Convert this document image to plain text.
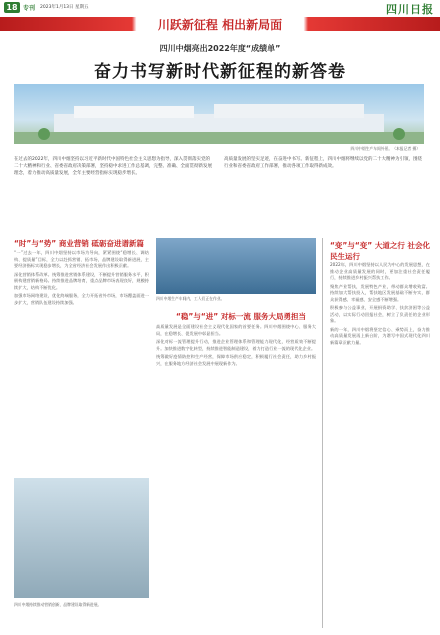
18 专刊 2023年1月13日 星期五	四川日报
川跃新征程 相出新局面
四川中烟亮出2022年度“成绩单”
奋力书写新时代新征程的新答卷
四川中烟生产车间外景。（本报记者 摄）
在过去的2022年，四川中烟坚持以习近平新时代中国特色社会主义思想为指导，深入贯彻落实党的二十大精神和行业、省委省政府决策部署，坚持稳中求进工作总基调，完整、准确、全面贯彻新发展理念，着力推动高质量发展，全年主要经营指标实现稳步增长。
高质量发展的坚实足迹，在奋进中书写。新征程上，四川中烟将继续以党的二十大精神为引领，围绕行业和省委省政府工作部署，推动各项工作取得新成效。
“时”与“势” 商业营销 砥砺奋进谱新篇

“一”过去一年，四川中烟坚持以市场为导向，紧紧围绕“稳增长、调结构、提质量”目标，全力以赴抓营销、拓市场，品牌建设取得新进展，主要经济指标实现稳步增长，为全省经济社会发展作出积极贡献。

深化营销体系改革。统筹推进营销体系建设，不断提升营销服务水平，积极构建营销新格局。持续推进品牌培育，重点品牌市场表现良好，规模持续扩大，结构不断优化。

加强市场网络建设，优化终端服务，全力开拓省外市场，市场覆盖面进一步扩大，营销队伍建设持续加强。

四川中烟持续推动营销创新，品牌建设取得新进展。
四川中烟生产车间内，工人们正在作业。
“稳”与“进” 对标一流 服务大局勇担当

高质量发展是全面建设社会主义现代化国家的首要任务。四川中烟围绕中心、服务大局，在稳增长、促发展中彰显担当。

深化对标一流管理提升行动，推进企业管理体系和管理能力现代化，经营质效不断提升。加快推进数字化转型，持续推进智能制造建设，着力打造行业一流的现代化企业。

统筹做好疫情防控和生产经营，保障市场供应稳定，积极履行社会责任，助力乡村振兴，在服务地方经济社会发展中展现新作为。

“变”与“变” 大道之行 社会化民生运行

2022年，四川中烟坚持以人民为中心的发展思想，在推动企业高质量发展的同时，更加注重社会责任履行，持续推进乡村振兴帮扶工作。

聚焦产业帮扶，发展特色产业，带动群众增收致富。持续加大帮扶投入，帮扶地区发展基础不断夯实，群众获得感、幸福感、安全感不断增强。

积极参与公益事业，开展捐资助学、扶贫济困等公益活动，以实际行动回报社会，树立了负责任的企业形象。

新的一年，四川中烟将坚定信心、乘势而上，奋力推动高质量发展再上新台阶，为谱写中国式现代化四川新篇章贡献力量。
